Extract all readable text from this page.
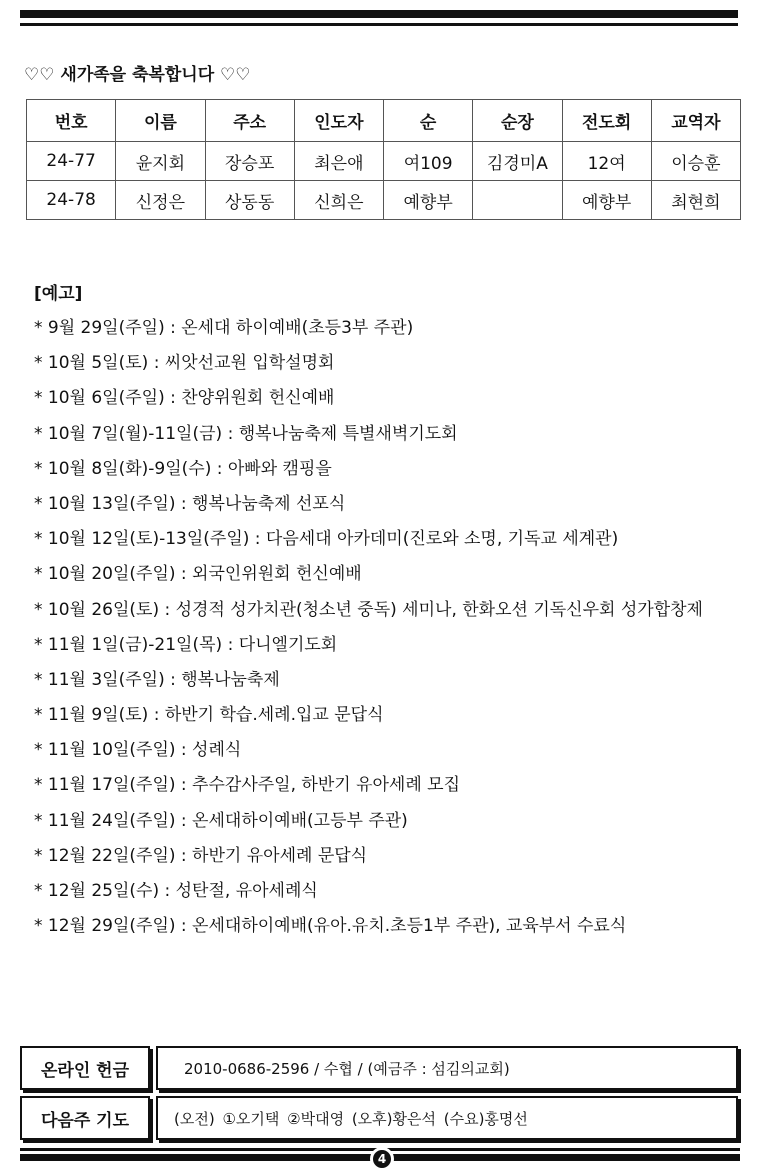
♡♡ 새가족을 축복합니다 ♡♡
번호	이름	주소	인도자	순	순장	전도회	교역자
24-77	윤지회	장승포	최은애	여109	김경미A	12여	이승훈
24-78	신정은	상동동	신희은	예향부		예향부	최현희
[예고]
* 9월 29일(주일) : 온세대 하이예배(초등3부 주관)
* 10월 5일(토) : 씨앗선교원 입학설명회
* 10월 6일(주일) : 찬양위원회 헌신예배
* 10월 7일(월)-11일(금) : 행복나눔축제 특별새벽기도회
* 10월 8일(화)-9일(수) : 아빠와 캠핑을
* 10월 13일(주일) : 행복나눔축제 선포식
* 10월 12일(토)-13일(주일) : 다음세대 아카데미(진로와 소명, 기독교 세계관)
* 10월 20일(주일) : 외국인위원회 헌신예배
* 10월 26일(토) : 성경적 성가치관(청소년 중독) 세미나, 한화오션 기독신우회 성가합창제
* 11월 1일(금)-21일(목) : 다니엘기도회
* 11월 3일(주일) : 행복나눔축제
* 11월 9일(토) : 하반기 학습.세례.입교 문답식
* 11월 10일(주일) : 성례식
* 11월 17일(주일) : 추수감사주일, 하반기 유아세례 모집
* 11월 24일(주일) : 온세대하이예배(고등부 주관)
* 12월 22일(주일) : 하반기 유아세례 문답식
* 12월 25일(수) : 성탄절, 유아세례식
* 12월 29일(주일) : 온세대하이예배(유아.유치.초등1부 주관), 교육부서 수료식
온라인 헌금	2010-0686-2596 / 수협 / (예금주 : 섬김의교회)
다음주 기도	(오전) ①오기택 ②박대영 (오후)황은석 (수요)홍명선
4
